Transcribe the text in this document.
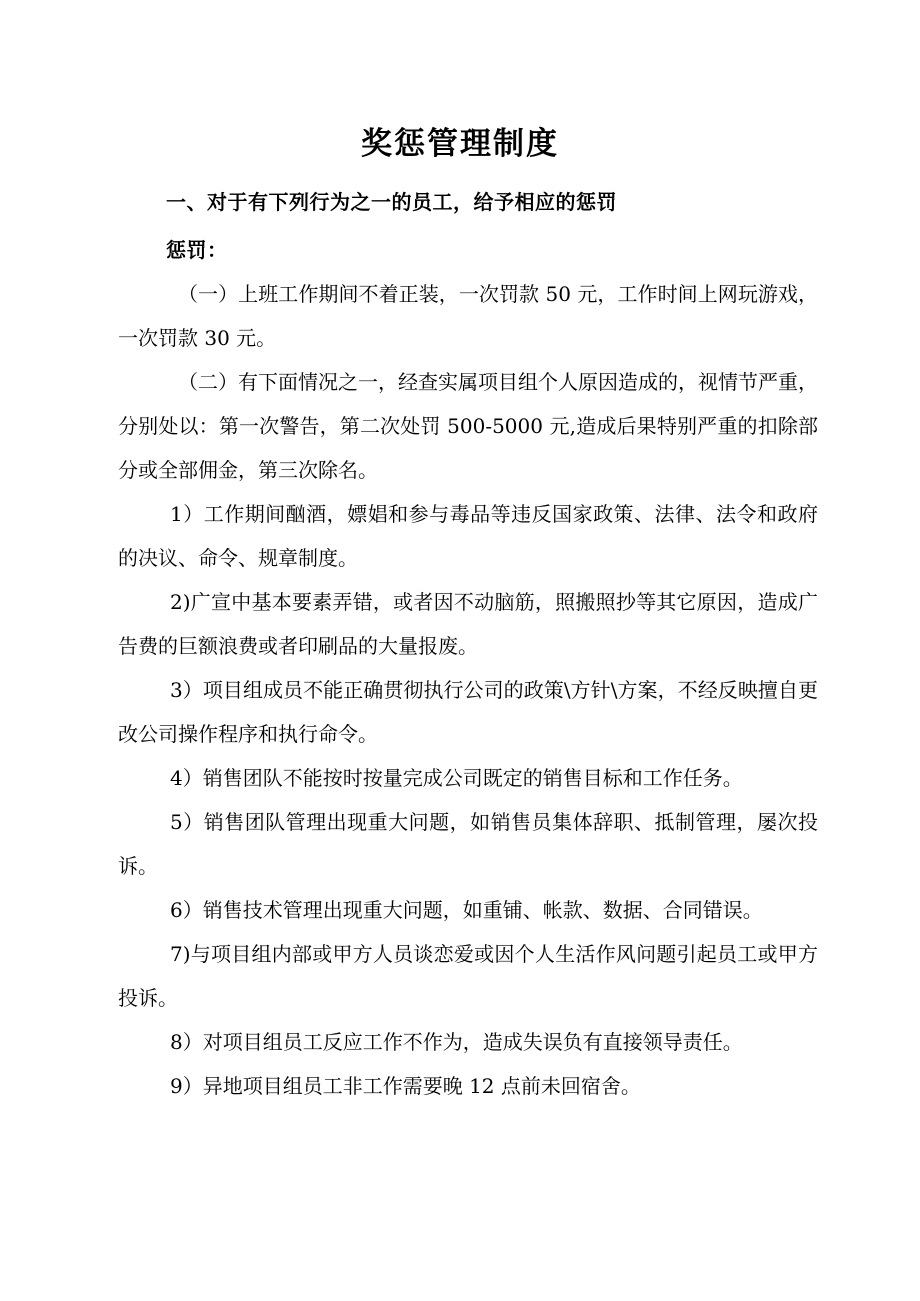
奖惩管理制度
一、对于有下列行为之一的员工，给予相应的惩罚
惩罚：

（一）上班工作期间不着正装，一次罚款 50 元，工作时间上网玩游戏，一次罚款 30 元。

（二）有下面情况之一，经查实属项目组个人原因造成的，视情节严重，分别处以：第一次警告，第二次处罚 500-5000 元,造成后果特别严重的扣除部分或全部佣金，第三次除名。

1）工作期间酗酒，嫖娼和参与毒品等违反国家政策、法律、法令和政府的决议、命令、规章制度。

2)广宣中基本要素弄错，或者因不动脑筋，照搬照抄等其它原因，造成广告费的巨额浪费或者印刷品的大量报废。

3）项目组成员不能正确贯彻执行公司的政策\方针\方案，不经反映擅自更改公司操作程序和执行命令。

4）销售团队不能按时按量完成公司既定的销售目标和工作任务。

5）销售团队管理出现重大问题，如销售员集体辞职、抵制管理，屡次投诉。

6）销售技术管理出现重大问题，如重铺、帐款、数据、合同错误。

7)与项目组内部或甲方人员谈恋爱或因个人生活作风问题引起员工或甲方投诉。

8）对项目组员工反应工作不作为，造成失误负有直接领导责任。

9）异地项目组员工非工作需要晚 12 点前未回宿舍。
